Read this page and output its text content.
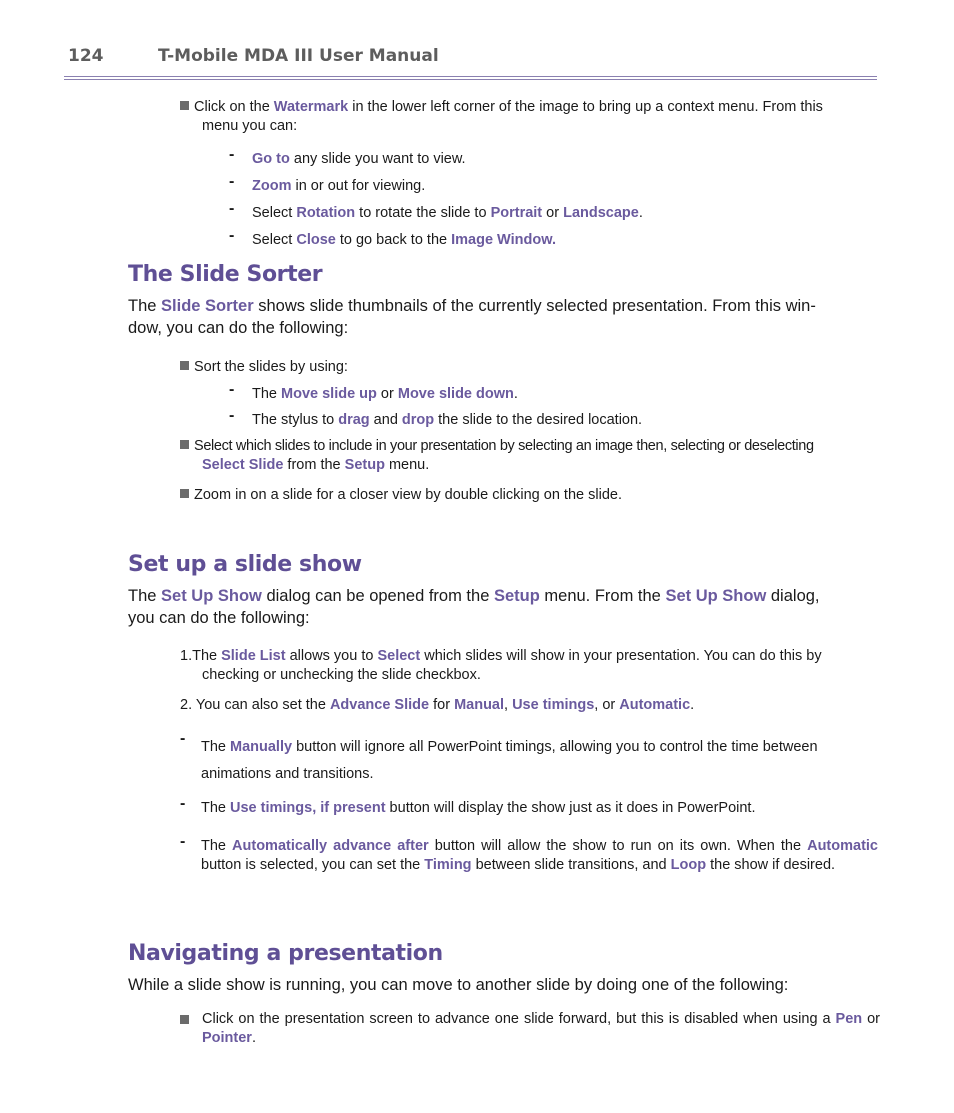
124	T-Mobile MDA III User Manual
Click on the Watermark in the lower left corner of the image to bring up a context menu. From this
menu you can:
- Go to any slide you want to view.
- Zoom in or out for viewing.
- Select Rotation to rotate the slide to Portrait or Landscape.
- Select Close to go back to the Image Window.
The Slide Sorter
The Slide Sorter shows slide thumbnails of the currently selected presentation. From this win-
dow, you can do the following:
Sort the slides by using:
- The Move slide up or Move slide down.
- The stylus to drag and drop the slide to the desired location.
Select which slides to include in your presentation by selecting an image then, selecting or deselecting
Select Slide from the Setup menu.
Zoom in on a slide for a closer view by double clicking on the slide.
Set up a slide show
The Set Up Show dialog can be opened from the Setup menu. From the Set Up Show dialog,
you can do the following:
1.The Slide List allows you to Select which slides will show in your presentation. You can do this by
checking or unchecking the slide checkbox.
2. You can also set the Advance Slide for Manual, Use timings, or Automatic.
- The Manually button will ignore all PowerPoint timings, allowing you to control the time between
animations and transitions.
- The Use timings, if present button will display the show just as it does in PowerPoint.
- The Automatically advance after button will allow the show to run on its own. When the Automatic button is selected, you can set the Timing between slide transitions, and Loop the show if desired.
Navigating a presentation
While a slide show is running, you can move to another slide by doing one of the following:
Click on the presentation screen to advance one slide forward, but this is disabled when using a Pen or Pointer.
